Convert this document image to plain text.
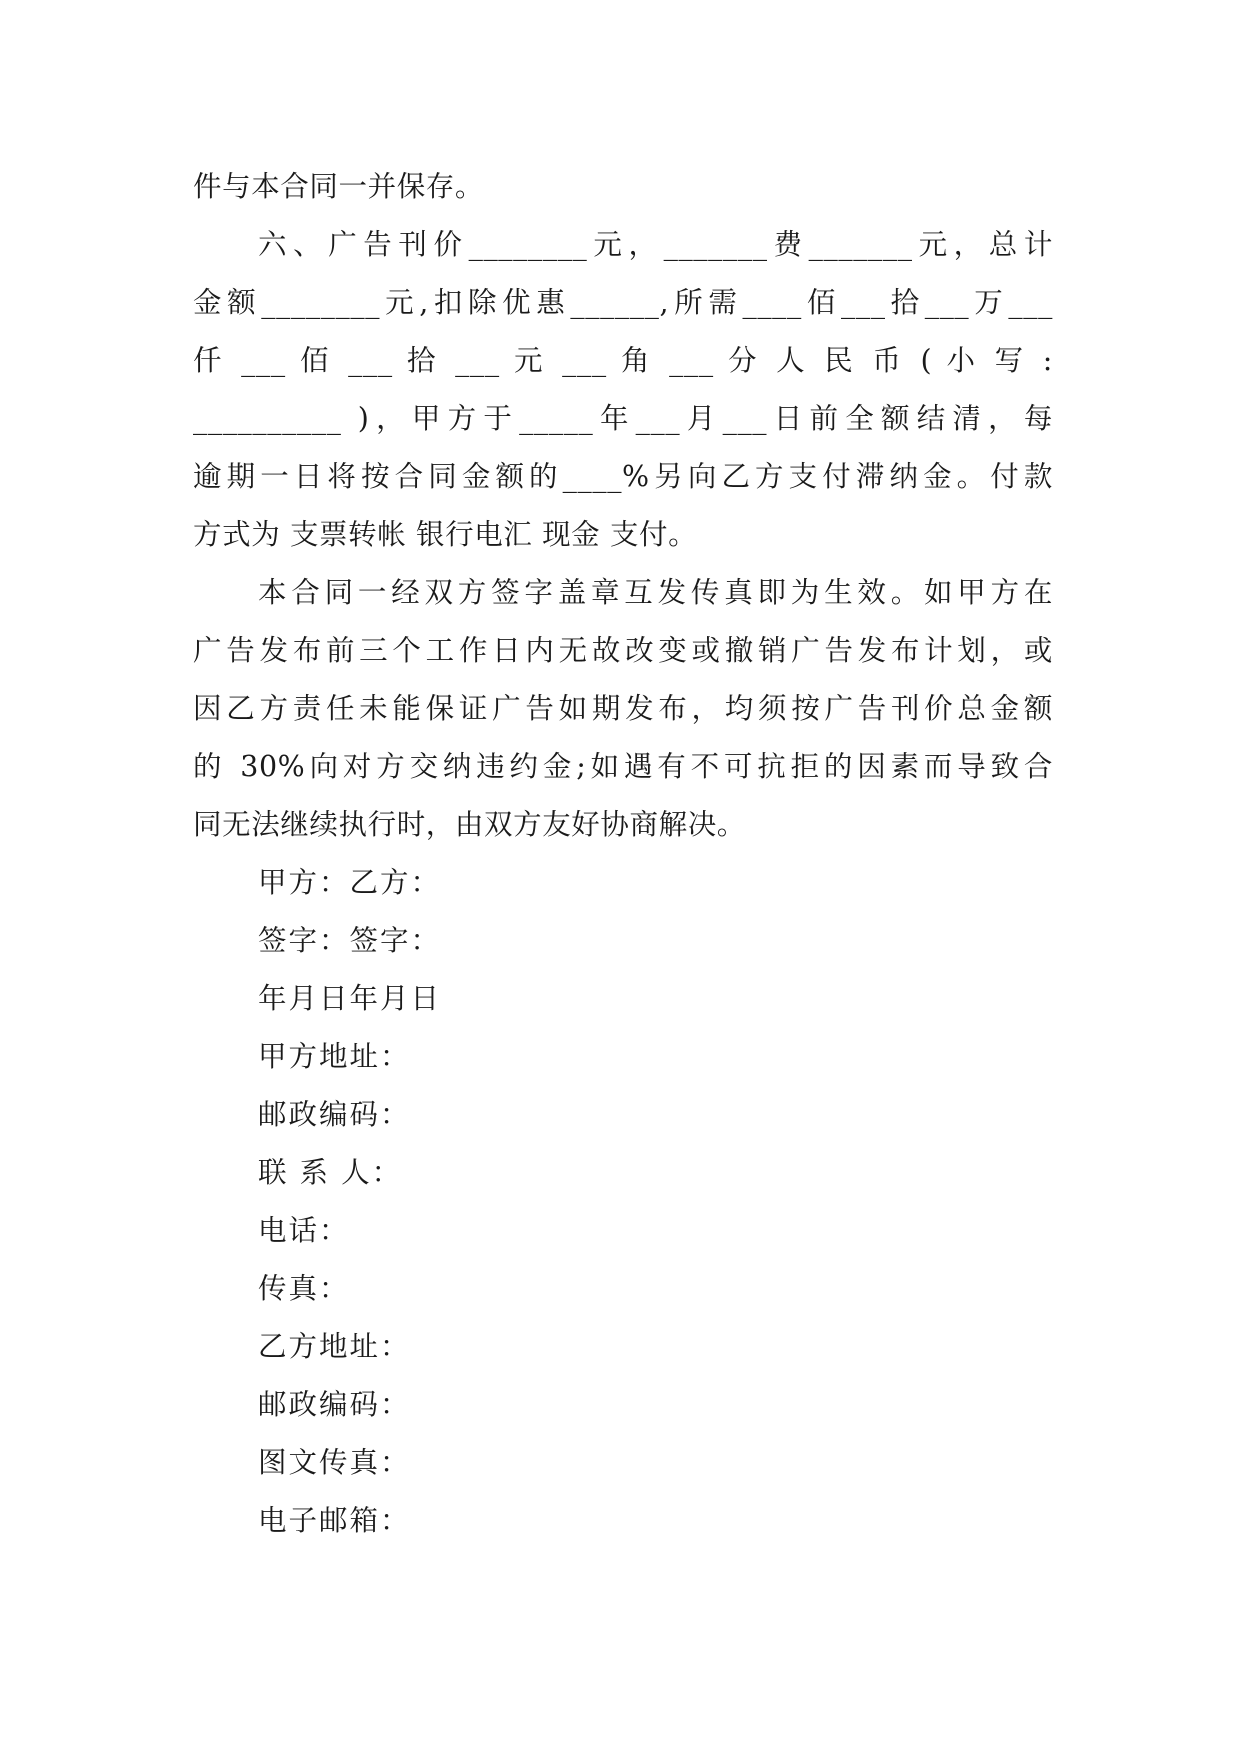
件与本合同一并保存。
六、广告刊价________元，_______费_______元，总计
金额________元,扣除优惠______,所需____佰___拾___万___
仟 ___ 佰 ___ 拾 ___ 元 ___ 角 ___ 分 人 民 币 ( 小 写 :
__________ )，甲方于_____年___月___日前全额结清，每
逾期一日将按合同金额的____%另向乙方支付滞纳金。付款
方式为 支票转帐 银行电汇 现金 支付。
本合同一经双方签字盖章互发传真即为生效。如甲方在
广告发布前三个工作日内无故改变或撤销广告发布计划，或
因乙方责任未能保证广告如期发布，均须按广告刊价总金额
的 30%向对方交纳违约金;如遇有不可抗拒的因素而导致合
同无法继续执行时，由双方友好协商解决。
甲方：乙方：
签字：签字：
年月日年月日
甲方地址：
邮政编码：
联 系 人：
电话：
传真：
乙方地址：
邮政编码：
图文传真：
电子邮箱：
